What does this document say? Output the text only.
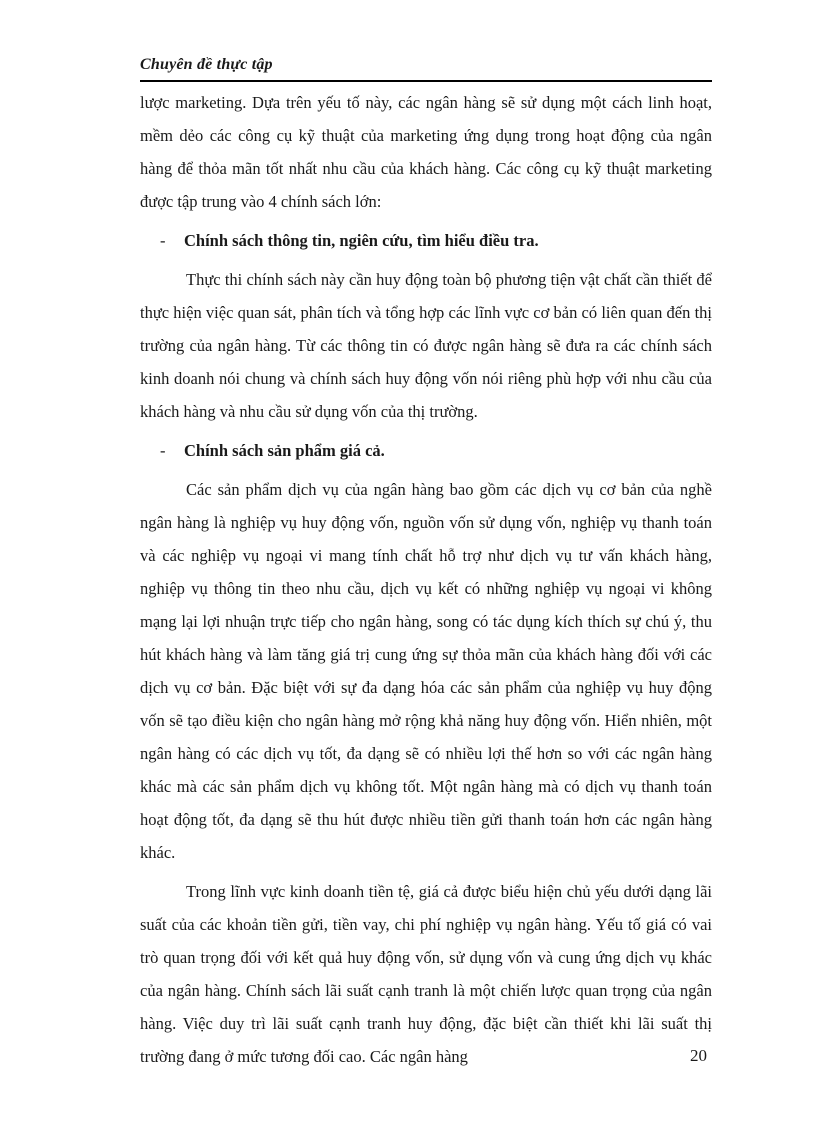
Chuyên đề thực tập

lược marketing. Dựa trên yếu tố này, các ngân hàng sẽ sử dụng một cách linh hoạt, mềm dẻo các công cụ kỹ thuật của marketing ứng dụng trong hoạt động của ngân hàng để thỏa mãn tốt nhất nhu cầu của khách hàng. Các công cụ kỹ thuật marketing được tập trung vào 4 chính sách lớn:

-	Chính sách thông tin, ngiên cứu, tìm hiểu điều tra.

Thực thi chính sách này cần huy động toàn bộ phương tiện vật chất cần thiết để thực hiện việc quan sát, phân tích và tổng hợp các lĩnh vực cơ bản có liên quan đến thị trường của ngân hàng. Từ các thông tin có được ngân hàng sẽ đưa ra các chính sách kinh doanh nói chung và chính sách huy động vốn nói riêng phù hợp với nhu cầu của khách hàng và nhu cầu sử dụng vốn của thị trường.

-	Chính sách sản phẩm giá cả.

Các sản phẩm dịch vụ của ngân hàng bao gồm các dịch vụ cơ bản của nghề ngân hàng là nghiệp vụ huy động vốn, nguồn vốn sử dụng vốn, nghiệp vụ thanh toán và các nghiệp vụ ngoại vi mang tính chất hỗ trợ như dịch vụ tư vấn khách hàng, nghiệp vụ thông tin theo nhu cầu, dịch vụ kết có những nghiệp vụ ngoại vi không mạng lại lợi nhuận trực tiếp cho ngân hàng, song có tác dụng kích thích sự chú ý, thu hút khách hàng và làm tăng giá trị cung ứng sự thỏa mãn của khách hàng đối với các dịch vụ cơ bản. Đặc biệt với sự đa dạng hóa các sản phẩm của nghiệp vụ huy động vốn sẽ tạo điều kiện cho ngân hàng mở rộng khả năng huy động vốn. Hiển nhiên, một ngân hàng có các dịch vụ tốt, đa dạng sẽ có nhiều lợi thế hơn so với các ngân hàng khác mà các sản phẩm dịch vụ không tốt. Một ngân hàng mà có dịch vụ thanh toán hoạt động tốt, đa dạng sẽ thu hút được nhiều tiền gửi thanh toán hơn các ngân hàng khác.

Trong lĩnh vực kinh doanh tiền tệ, giá cả được biểu hiện chủ yếu dưới dạng lãi suất của các khoản tiền gửi, tiền vay, chi phí nghiệp vụ ngân hàng. Yếu tố giá có vai trò quan trọng đối với kết quả huy động vốn, sử dụng vốn và cung ứng dịch vụ khác của ngân hàng. Chính sách lãi suất cạnh tranh là một chiến lược quan trọng của ngân hàng. Việc duy trì lãi suất cạnh tranh huy động, đặc biệt cần thiết khi lãi suất thị trường đang ở mức tương đối cao. Các ngân hàng	20
